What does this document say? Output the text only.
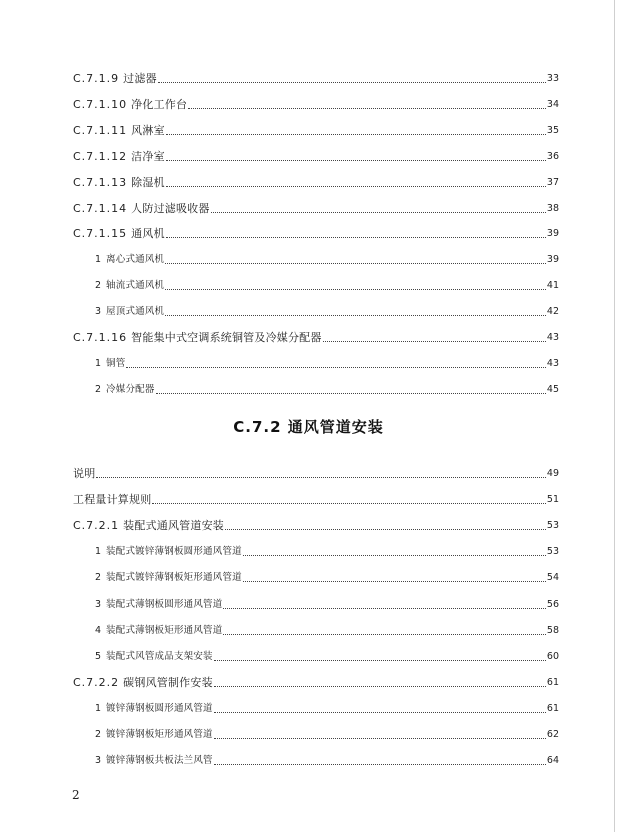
C.7.1.9 过滤器	33
C.7.1.10 净化工作台	34
C.7.1.11 风淋室	35
C.7.1.12 洁净室	36
C.7.1.13 除湿机	37
C.7.1.14 人防过滤吸收器	38
C.7.1.15 通风机	39
1 离心式通风机	39
2 轴流式通风机	41
3 屋顶式通风机	42
C.7.1.16 智能集中式空调系统铜管及冷媒分配器	43
1 铜管	43
2 冷媒分配器	45
说明	49
工程量计算规则	51
C.7.2.1 装配式通风管道安装	53
1 装配式镀锌薄钢板圆形通风管道	53
2 装配式镀锌薄钢板矩形通风管道	54
3 装配式薄钢板圆形通风管道	56
4 装配式薄钢板矩形通风管道	58
5 装配式风管成品支架安装	60
C.7.2.2 碳钢风管制作安装	61
1 镀锌薄钢板圆形通风管道	61
2 镀锌薄钢板矩形通风管道	62
3 镀锌薄钢板共板法兰风管	64
C.7.2 通风管道安装
2
